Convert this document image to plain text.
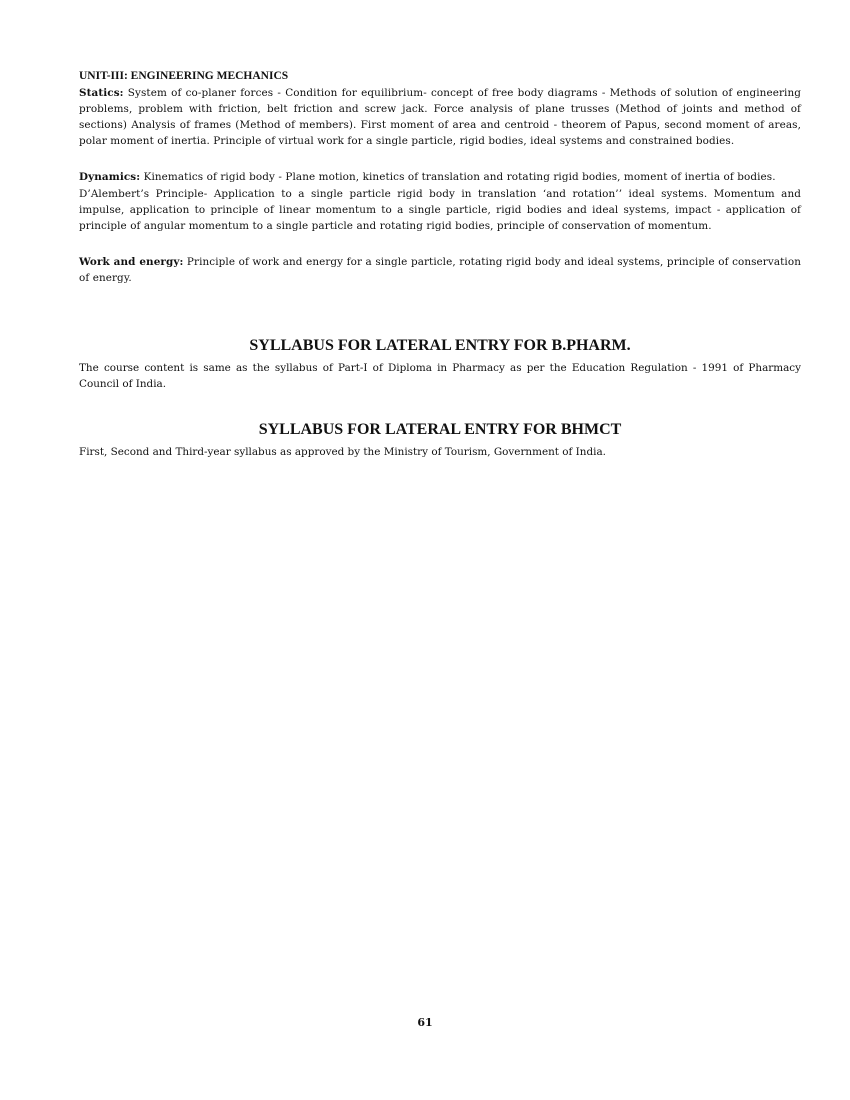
UNIT-III: ENGINEERING MECHANICS

Statics: System of co-planer forces - Condition for equilibrium- concept of free body diagrams - Methods of solution of engineering problems, problem with friction, belt friction and screw jack. Force analysis of plane trusses (Method of joints and method of sections) Analysis of frames (Method of members). First moment of area and centroid - theorem of Papus, second moment of areas, polar moment of inertia. Principle of virtual work for a single particle, rigid bodies, ideal systems and constrained bodies.

Dynamics: Kinematics of rigid body - Plane motion, kinetics of translation and rotating rigid bodies, moment of inertia of bodies.

D’Alembert’s Principle- Application to a single particle rigid body in translation ‘and rotation’’ ideal systems. Momentum and impulse, application to principle of linear momentum to a single particle, rigid bodies and ideal systems, impact - application of principle of angular momentum to a single particle and rotating rigid bodies, principle of conservation of momentum.

Work and energy: Principle of work and energy for a single particle, rotating rigid body and ideal systems, principle of conservation of energy.

SYLLABUS FOR LATERAL ENTRY FOR B.PHARM.

The course content is same as the syllabus of Part-I of Diploma in Pharmacy as per the Education Regulation - 1991 of Pharmacy Council of India.

SYLLABUS FOR LATERAL ENTRY FOR BHMCT

First, Second and Third-year syllabus as approved by the Ministry of Tourism, Government of India.

61
